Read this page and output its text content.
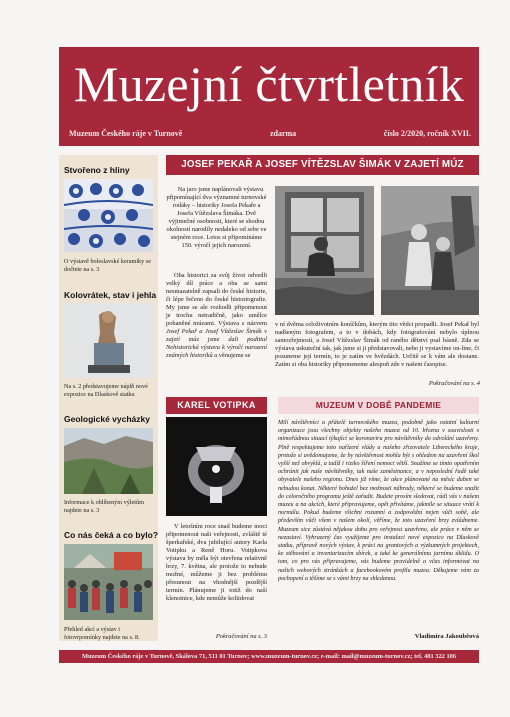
Muzejní čtvrtletník
Muzeum Českého ráje v Turnově	zdarma	číslo 2/2020, ročník XVII.
Stvořeno z hliny
O výstavě boleslavské keramiky se dočtete na s. 3
Kolovrátek, stav i jehla
Na s. 2 představujeme náplň nové expozice na Dlaskově statku
Geologické vycházky
Informace k oblíbeným výletům najdete na s. 3
Co nás čeká a co bylo?
Přehled akcí a výstav i fotovrpomínky najdete na s. 8.
JOSEF PEKAŘ A JOSEF VÍTĚZSLAV ŠIMÁK V ZAJETÍ MÚZ

Na jaro jsme naplánovali výstavu připomínající dva významné turnovské rodáky – historiky Josefa Pekaře a Josefa Vítězslava Šimáka. Dvě výjimečné osobnosti, které se shodou okolností narodily nedaleko od sebe ve stejném roce. Letos si připomínáme 150. výročí jejich narození.

Oba historici za svůj život odvedli velký díl práce a oba se sami nesmazatelně zapsali do české historie, či lépe řečeno do české historiografie. My jsme se ale rozhodli připomenout je trochu netradičně, jako umělce pohaněné múzami. Výstava s názvem Josef Pekař a Josef Vítězslav Šimák v zajetí múz jsme dali podtitul Nehistorická výstava k výročí narození známých historiků a věnujeme se

v ní dvěma celoživotním koníčkům, kterým tito vědci propadli. Josef Pekař byl nadšeným fotografem, a to v dobách, kdy fotografování nebylo úplnou samozřejmostí, a Josef Vítězslav Šimák od raného dětství psal básně. Zda se výstava uskuteční tak, jak jsme si ji představovali, nebo ji vystavíme on-line, či posuneme její termín, to je zatím ve hvězdách. Určitě se k vám ale dostane. Zatím si oba historiky připomeneme alespoň zde v našem časopise.

Pokračování na s. 4
KAREL VOTIPKA

V letošním roce snad budeme moci připomenout naši veřejnosti, zvláště té šperkařské, dva jubilující autory Karla Votipku a Reně Horu. Votipkova výstava by měla být otevřena relativně brzy, 7. května, ale protože to nebude možné, můžeme ji bez problému přesunout na vhodnější pozdější termín. Plánujeme ji totiž do naší klenotnice, kde nemůže koliidovat

Pokračování na s. 3
MUZEUM V DOBĚ PANDEMIE

Milí návštěvníci a přátelé turnovského muzea, podobně jako ostatní kulturní organizace jsou všechny objekty našeho muzea od 10. března v souvislosti s mimořádnou situací týkající se koronaviru pro návštěvníky do odvolání uzavřeny. Plně respektujeme toto nařízení vlády a našeho zřizovatele Libereckého kraje, protože si uvědomujeme, že by návštěvnost mohla být s ohledem na uzavření škol vyšší než obvyklá, a tudíž i riziko šíření nemoci větší. Snažíme se tímto opatřením ochránit jak naše návštěvníky, tak naše zaměstnance, a v neposlední řadě také obyvatele našeho regionu. Dnes již víme, že akce plánované na měsíc duben se nebudou konat. Některé bohužel bez možnosti náhrady, některé se budeme snažit do celoročního programu ještě zařadit. Budete prosím sledovat, rádi vás v našem muzeu a na akcích, které připravujeme, opět přivítáme, jakmile se situace vrátí k normálu. Pokud budeme všichni rozumní a zodpovědní nejen vůči sobě, ale především vůči všem v našem okolí, věříme, že toto uzavření brzy zvládneme. Muzeum sice zůstává nějakou dobu pro veřejnost uzavřeno, ale práce v něm se nezastaví. Vyhrazený čas využijeme pro instalaci nové expozice na Dlaskově statku, přípravě nových výstav, k práci na grantových a výzkumných projektech, ke stěhování a inventarizacím sbírek, a také ke generálnímu jarnímu úklidu. O tom, co pro vás připravujeme, vás budeme pravidelně a včas informovat na našich webových stránkách a facebookovém profilu muzea. Děkujeme vám za pochopení a těšíme se s vámi brzy na shledanou.

Vladimíra Jakouběová
Muzeum Českého ráje v Turnově, Skálova 71, 511 01 Turnov; www.muzeum-turnov.cz; e-mail: mail@muzeum-turnov.cz; tel. 481 322 106
